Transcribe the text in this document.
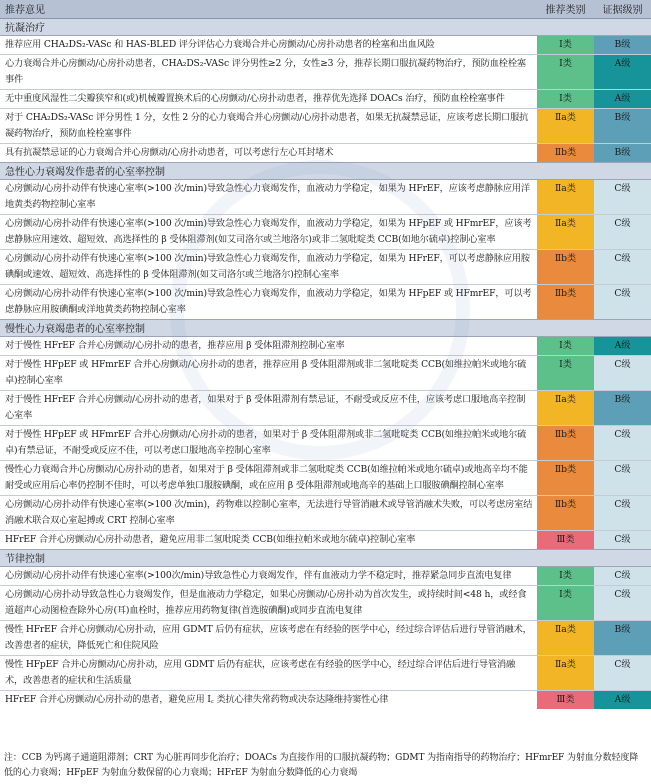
推荐意见	推荐类别	证据级别
抗凝治疗		
推荐应用 CHA₂DS₂-VASc 和 HAS-BLED 评分评估心力衰竭合并心房颤动/心房扑动患者的栓塞和出血风险	Ⅰ类	B级
心力衰竭合并心房颤动/心房扑动患者，CHA₂DS₂-VASc 评分男性≥2 分，女性≥3 分，推荐长期口服抗凝药物治疗，预防血栓栓塞事件	Ⅰ类	A级
无中重度风湿性二尖瓣狭窄和(或)机械瓣置换术后的心房颤动/心房扑动患者，推荐优先选择 DOACs 治疗，预防血栓栓塞事件	Ⅰ类	A级
对于 CHA₂DS₂-VASc 评分男性 1 分，女性 2 分的心力衰竭合并心房颤动/心房扑动患者，如果无抗凝禁忌证，应该考虑长期口服抗凝药物治疗，预防血栓栓塞事件	Ⅱa类	B级
具有抗凝禁忌证的心力衰竭合并心房颤动/心房扑动患者，可以考虑行左心耳封堵术	Ⅱb类	B级
急性心力衰竭发作患者的心室率控制		
心房颤动/心房扑动伴有快速心室率(>100 次/min)导致急性心力衰竭发作，血液动力学稳定，如果为 HFrEF，应该考虑静脉应用洋地黄类药物控制心室率	Ⅱa类	C级
心房颤动/心房扑动伴有快速心室率(>100 次/min)导致急性心力衰竭发作，血液动力学稳定，如果为 HFpEF 或 HFmrEF，应该考虑静脉应用速效、超短效、高选择性的 β 受体阻滞剂(如艾司洛尔或兰地洛尔)或非二氢吡啶类 CCB(如地尔硫卓)控制心室率	Ⅱa类	C级
心房颤动/心房扑动伴有快速心室率(>100 次/min)导致急性心力衰竭发作，血液动力学稳定，如果为 HFrEF，可以考虑静脉应用胺碘酮或速效、超短效、高选择性的 β 受体阻滞剂(如艾司洛尔或兰地洛尔)控制心室率	Ⅱb类	C级
心房颤动/心房扑动伴有快速心室率(>100 次/min)导致急性心力衰竭发作，血液动力学稳定，如果为 HFpEF 或 HFmrEF，可以考虑静脉应用胺碘酮或洋地黄类药物控制心室率	Ⅱb类	C级
慢性心力衰竭患者的心室率控制		
对于慢性 HFrEF 合并心房颤动/心房扑动的患者，推荐应用 β 受体阻滞剂控制心室率	Ⅰ类	A级
对于慢性 HFpEF 或 HFmrEF 合并心房颤动/心房扑动的患者，推荐应用 β 受体阻滞剂或非二氢吡啶类 CCB(如维拉帕米或地尔硫卓)控制心室率	Ⅰ类	C级
对于慢性 HFrEF 合并心房颤动/心房扑动的患者，如果对于 β 受体阻滞剂有禁忌证，不耐受或反应不佳，应该考虑口服地高辛控制心室率	Ⅱa类	B级
对于慢性 HFpEF 或 HFmrEF 合并心房颤动/心房扑动的患者，如果对于 β 受体阻滞剂或非二氢吡啶类 CCB(如维拉帕米或地尔硫卓)有禁忌证，不耐受或反应不佳，可以考虑口服地高辛控制心室率	Ⅱb类	C级
慢性心力衰竭合并心房颤动/心房扑动的患者，如果对于 β 受体阻滞剂或非二氢吡啶类 CCB(如维拉帕米或地尔硫卓)或地高辛均不能耐受或应用后心率仍控制不佳时，可以考虑单独口服胺碘酮，或在应用 β 受体阻滞剂或地高辛的基础上口服胺碘酮控制心室率	Ⅱb类	C级
心房颤动/心房扑动伴有快速心室率(>100 次/min)，药物难以控制心室率，无法进行导管消融术或导管消融术失败，可以考虑房室结消融术联合双心室起搏或 CRT 控制心室率	Ⅱb类	C级
HFrEF 合并心房颤动/心房扑动患者，避免应用非二氢吡啶类 CCB(如维拉帕米或地尔硫卓)控制心室率	Ⅲ类	C级
节律控制		
心房颤动/心房扑动伴有快速心室率(>100次/min)导致急性心力衰竭发作，伴有血液动力学不稳定时，推荐紧急同步直流电复律	Ⅰ类	C级
心房颤动/心房扑动导致急性心力衰竭发作，但是血液动力学稳定，如果心房颤动/心房扑动为首次发生，或持续时间<48 h，或经食道超声心动图检查除外心房(耳)血栓时，推荐应用药物复律(首选胺碘酮)或同步直流电复律	Ⅰ类	C级
慢性 HFrEF 合并心房颤动/心房扑动，应用 GDMT 后仍有症状，应该考虑在有经验的医学中心，经过综合评估后进行导管消融术，改善患者的症状，降低死亡和住院风险	Ⅱa类	B级
慢性 HFpEF 合并心房颤动/心房扑动，应用 GDMT 后仍有症状，应该考虑在有经验的医学中心，经过综合评估后进行导管消融术，改善患者的症状和生活质量	Ⅱa类	C级
HFrEF 合并心房颤动/心房扑动的患者，避免应用 I꜀ 类抗心律失常药物或决奈达隆维持窦性心律	Ⅲ类	A级
注：CCB 为钙离子通道阻滞剂；CRT 为心脏再同步化治疗；DOACs 为直接作用的口服抗凝药物；GDMT 为指南指导的药物治疗；HFmrEF 为射血分数轻度降低的心力衰竭；HFpEF 为射血分数保留的心力衰竭；HFrEF 为射血分数降低的心力衰竭
